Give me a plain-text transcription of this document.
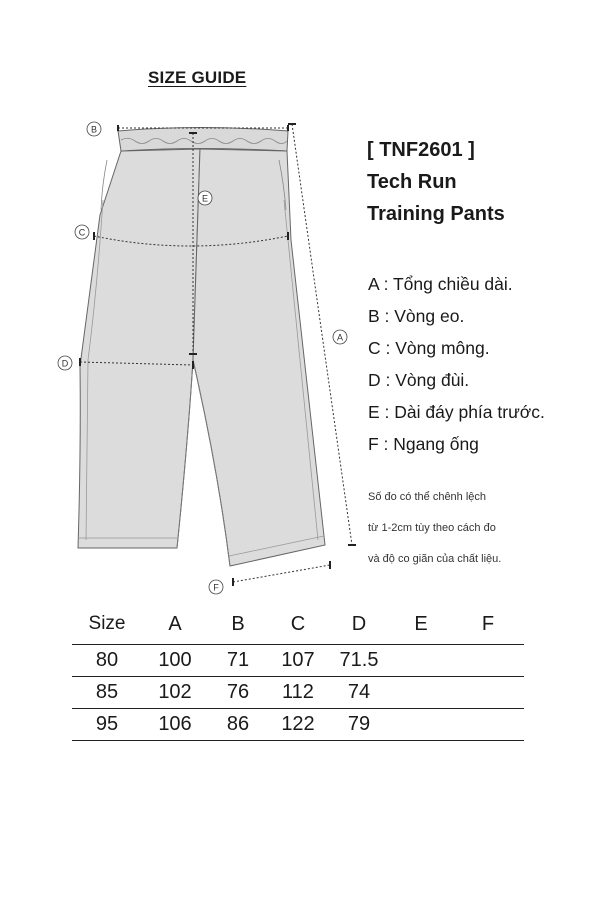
SIZE GUIDE
B
E
C
A
D
F
[ TNF2601 ]
Tech Run
Training Pants
A : Tổng chiều dài.
B : Vòng eo.
C : Vòng mông.
D : Vòng đùi.
E : Dài đáy phía trước.
F : Ngang ống
Số đo có thể chênh lệch
từ 1-2cm tùy theo cách đo
và độ co giãn của chất liệu.
Size	A	B	C	D	E	F
80	100	71	107	71.5		
85	102	76	112	74		
95	106	86	122	79		
